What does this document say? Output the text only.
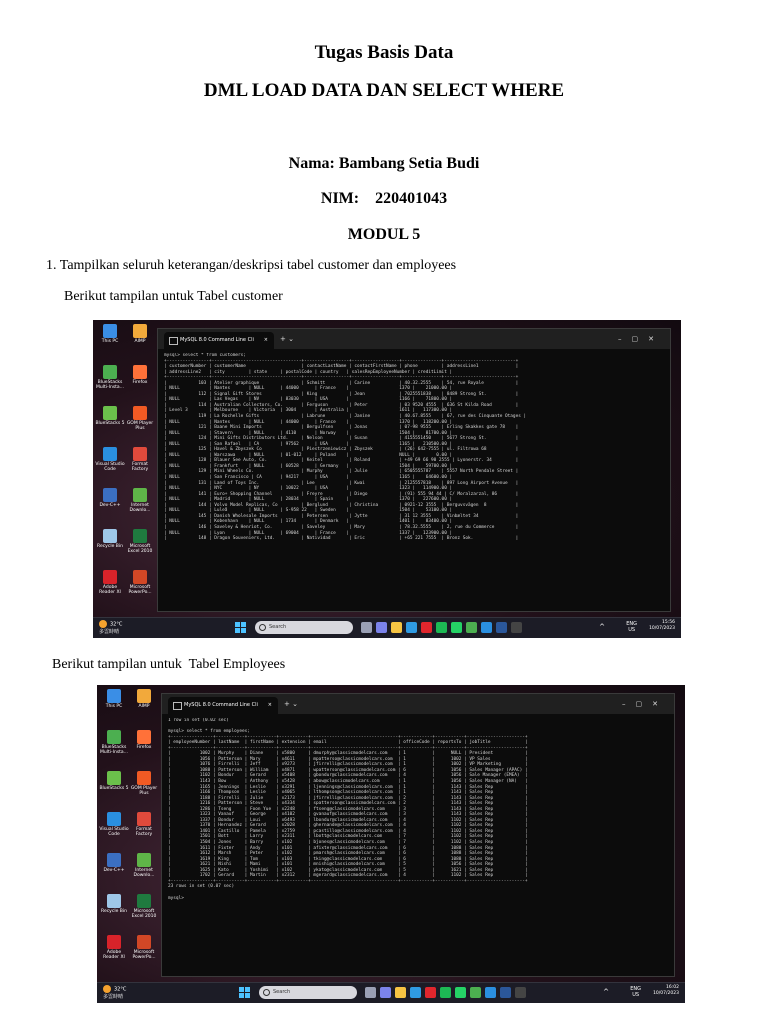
Tugas Basis Data
DML LOAD DATA DAN SELECT WHERE
Nama: Bambang Setia Budi
NIM:    220401043
MODUL 5
1. Tampilkan seluruh keterangan/deskripsi tabel customer dan employees
Berikut tampilan untuk Tabel customer
This PC	AIMP
BlueStacks Multi-Insta...
Firefox
BlueStacks 5 GOM Player Plus
Visual Studio Code
Format Factory
Dev-C++	Internet Downlo...
Recycle Bin	Microsoft Excel 2010
Adobe Reader XI
Microsoft PowerPo...
MySQL 8.0 Command Line Cli × + ⌄	–▢✕
mysql> select * from customers;
+----------------+----------------------------------+-----------------+------------------+---------------+---------------------------+
| customerNumber | customerName                     | contactLastName | contactFirstName | phone         | addressLine1              |
| addressLine2   | city         | state     | postalCode | country   | salesRepEmployeeNumber | creditLimit |
+----------------+----------------------------------+-----------------+------------------+---------------+---------------------------+
|            103 | Atelier graphique                | Schmitt         | Carine           | 40.32.2555    | 54, rue Royale            |
| NULL           | Nantes       | NULL      | 44000      | France    |                   1370 |    21000.00 |
|            112 | Signal Gift Stores               | King            | Jean             | 7025551838    | 8489 Strong St.           |
| NULL           | Las Vegas    | NV        | 83030      | USA       |                   1166 |    71800.00 |
|            114 | Australian Collectors, Co.       | Ferguson        | Peter            | 03 9520 4555  | 636 St Kilda Road         |
| Level 3        | Melbourne    | Victoria  | 3004       | Australia |                   1611 |   117300.00 |
|            119 | La Rochelle Gifts                | Labrune         | Janine           | 40.67.8555    | 67, rue des Cinquante Otages |
| NULL           | Nantes       | NULL      | 44000      | France    |                   1370 |   118200.00 |
|            121 | Baane Mini Imports               | Bergulfsen      | Jonas            | 07-98 9555    | Erling Skakkes gate 78    |
| NULL           | Stavern      | NULL      | 4110       | Norway    |                   1504 |    81700.00 |
|            124 | Mini Gifts Distributors Ltd.     | Nelson          | Susan            | 4155551450    | 5677 Strong St.           |
| NULL           | San Rafael   | CA        | 97562      | USA       |                   1165 |   210500.00 |
|            125 | Havel & Zbyszek Co               | Piestrzeniewicz | Zbyszek          | (26) 642-7555 | ul. Filtrowa 68           |
| NULL           | Warszawa     | NULL      | 01-012     | Poland    |                   NULL |        0.00 |
|            128 | Blauer See Auto, Co.             | Keitel          | Roland           | +49 69 66 90 2555 | Lyonerstr. 34         |
| NULL           | Frankfurt    | NULL      | 60528      | Germany   |                   1504 |    59700.00 |
|            129 | Mini Wheels Co.                  | Murphy          | Julie            | 6505555787    | 5557 North Pendale Street |
| NULL           | San Francisco | CA       | 94217      | USA       |                   1165 |    64600.00 |
|            131 | Land of Toys Inc.                | Lee             | Kwai             | 2125557818    | 897 Long Airport Avenue   |
| NULL           | NYC          | NY        | 10022      | USA       |                   1323 |   114900.00 |
|            141 | Euro+ Shopping Channel           | Freyre          | Diego            | (91) 555 94 44 | C/ Moralzarzal, 86       |
| NULL           | Madrid       | NULL      | 28034      | Spain     |                   1370 |   227600.00 |
|            144 | Volvo Model Replicas, Co         | Berglund        | Christina        | 0921-12 3555  | Berguvsvägen  8           |
| NULL           | Luleå        | NULL      | S-958 22   | Sweden    |                   1504 |    53100.00 |
|            145 | Danish Wholesale Imports         | Petersen        | Jytte            | 31 12 3555    | Vinbæltet 34              |
| NULL           | Kobenhavn    | NULL      | 1734       | Denmark   |                   1401 |    83400.00 |
|            146 | Saveley & Henriot, Co.           | Saveley         | Mary             | 78.32.5555    | 2, rue du Commerce        |
| NULL           | Lyon         | NULL      | 69004      | France    |                   1337 |   123900.00 |
|            148 | Dragon Souveniers, Ltd.          | Natividad       | Eric             | +65 221 7555  | Bronz Sok.                |
32°C
多雲時晴
Search	^	ENG
US
15:56
10/07/2023
Berikut tampilan untuk  Tabel Employees
This PC	AIMP
BlueStacks Multi-Insta...
Firefox
BlueStacks 5 GOM Player Plus
Visual Studio Code
Format Factory
Dev-C++	Internet Downlo...
Recycle Bin	Microsoft Excel 2010
Adobe Reader XI
Microsoft PowerPo...
MySQL 8.0 Command Line Cli × + ⌄	–▢✕
1 row in set (0.02 sec)

mysql> select * from employees;
+----------------+-----------+-----------+-----------+---------------------------------+------------+-----------+----------------------+
| employeeNumber | lastName  | firstName | extension | email                           | officeCode | reportsTo | jobTitle             |
+----------------+-----------+-----------+-----------+---------------------------------+------------+-----------+----------------------+
|           1002 | Murphy    | Diane     | x5800     | dmurphy@classicmodelcars.com    | 1          |      NULL | President            |
|           1056 | Patterson | Mary      | x4611     | mpatterso@classicmodelcars.com  | 1          |      1002 | VP Sales             |
|           1076 | Firrelli  | Jeff      | x9273     | jfirrelli@classicmodelcars.com  | 1          |      1002 | VP Marketing         |
|           1088 | Patterson | William   | x4871     | wpatterson@classicmodelcars.com | 6          |      1056 | Sales Manager (APAC) |
|           1102 | Bondur    | Gerard    | x5408     | gbondur@classicmodelcars.com    | 4          |      1056 | Sale Manager (EMEA)  |
|           1143 | Bow       | Anthony   | x5428     | abow@classicmodelcars.com       | 1          |      1056 | Sales Manager (NA)   |
|           1165 | Jennings  | Leslie    | x3291     | ljennings@classicmodelcars.com  | 1          |      1143 | Sales Rep            |
|           1166 | Thompson  | Leslie    | x4065     | lthompson@classicmodelcars.com  | 1          |      1143 | Sales Rep            |
|           1188 | Firrelli  | Julie     | x2173     | jfirrelli@classicmodelcars.com  | 2          |      1143 | Sales Rep            |
|           1216 | Patterson | Steve     | x4334     | spatterson@classicmodelcars.com | 2          |      1143 | Sales Rep            |
|           1286 | Tseng     | Foon Yue  | x2248     | ftseng@classicmodelcars.com     | 3          |      1143 | Sales Rep            |
|           1323 | Vanauf    | George    | x4102     | gvanauf@classicmodelcars.com    | 3          |      1143 | Sales Rep            |
|           1337 | Bondur    | Loui      | x6493     | lbondur@classicmodelcars.com    | 4          |      1102 | Sales Rep            |
|           1370 | Hernandez | Gerard    | x2028     | ghernande@classicmodelcars.com  | 4          |      1102 | Sales Rep            |
|           1401 | Castillo  | Pamela    | x2759     | pcastillo@classicmodelcars.com  | 4          |      1102 | Sales Rep            |
|           1501 | Bott      | Larry     | x2311     | lbott@classicmodelcars.com      | 7          |      1102 | Sales Rep            |
|           1504 | Jones     | Barry     | x102      | bjones@classicmodelcars.com     | 7          |      1102 | Sales Rep            |
|           1611 | Fixter    | Andy      | x101      | afixter@classicmodelcars.com    | 6          |      1088 | Sales Rep            |
|           1612 | Marsh     | Peter     | x102      | pmarsh@classicmodelcars.com     | 6          |      1088 | Sales Rep            |
|           1619 | King      | Tom       | x103      | tking@classicmodelcars.com      | 6          |      1088 | Sales Rep            |
|           1621 | Nishi     | Mami      | x101      | mnishi@classicmodelcars.com     | 5          |      1056 | Sales Rep            |
|           1625 | Kato      | Yoshimi   | x102      | ykato@classicmodelcars.com      | 5          |      1621 | Sales Rep            |
|           1702 | Gerard    | Martin    | x2312     | mgerard@classicmodelcars.com    | 4          |      1102 | Sales Rep            |
+----------------+-----------+-----------+-----------+---------------------------------+------------+-----------+----------------------+
23 rows in set (0.07 sec)

mysql>
32°C
多雲時晴
Search	^	ENG
US
16:02
10/07/2023
